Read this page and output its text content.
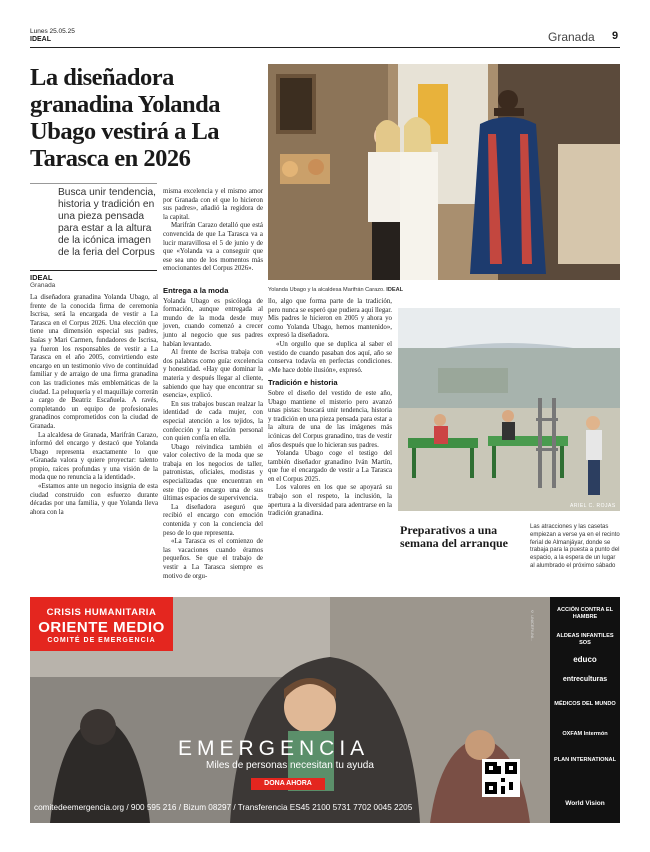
Lunes 25.05.25
IDEAL	Granada 9
La diseñadora granadina Yolanda Ubago vestirá a La Tarasca en 2026
Busca unir tendencia, historia y tradición en una pieza pensada para estar a la altura de la icónica imagen de la feria del Corpus
IDEAL
Granada

La diseñadora granadina Yolanda Ubago, al frente de la conocida firma de ceremonia Iscrisa, será la encargada de vestir a La Tarasca en el Corpus 2026. Una elección que tiene una dimensión especial sus padres, Isaías y Mari Carmen, fundadores de Iscrisa, ya fueron los responsables de vestir a La Tarasca en el año 2005, convirtiendo este encargo en un testimonio vivo de continuidad familiar y de arraigo de una firma granadina con las tradiciones más emblemáticas de la ciudad. La peluquería y el maquillaje correrán a cargo de Beatriz Escañuela. A ​​ravés, completando un equipo de profesionales granadinos comprometidos con la ciudad de Granada.

La alcaldesa de Granada, Marifrán Carazo, informó del encargo y destacó que Yolanda Ubago representa exactamente lo que «Granada valora y quiere proyectar: talento propio, raíces profundas y una visión de la moda que no renuncia a la identidad».

«Estamos ante un negocio insignia de esta ciudad construido con esfuerzo durante décadas por una familia, y que Yolanda lleva ahora con la

misma excelencia y el mismo amor por Granada con el que lo hicieron sus padres», añadió la regidora de la capital.

Marifrán Carazo detalló que está convencida de que La Tarasca va a lucir maravillosa el 5 de junio y de que «Yolanda va a conseguir que ese sea uno de los momentos más emocionantes del Corpus 2026».

Entrega a la moda

Yolanda Ubago es psicóloga de formación, aunque entregada al mundo de la moda desde muy joven, cuando comenzó a crecer junto al negocio que sus padres habían levantado.

Al frente de Iscrisa trabaja con dos palabras como guía: excelencia y honestidad. «Hay que dominar la materia y después llegar al cliente, sabiendo que hay que encontrar su esencia», explicó.

En sus trabajos buscan realzar la identidad de cada mujer, con especial atención a los tejidos, la confección y la relación personal con quien confía en ella.

Ubago reivindica también el valor colectivo de la moda que se trabaja en los negocios de taller, patronistas, oficiales, modistas y especializadas que encuentran en este tipo de encargo una de sus últimas espacios de supervivencia.

La diseñadora aseguró que recibió el encargo con emoción contenida y con la conciencia del peso de lo que representa.

«La Tarasca es el comienzo de las vacaciones cuando éramos pequeños. Se que el trabajo de vestir a La Tarasca siempre es motivo de orgu-

llo, algo que forma parte de la tradición, pero nunca se esperó que pudiera aquí llegar. Mis padres le hicieron en 2005 y ahora yo como Yolanda Ubago, hemos mantenido», expresó la diseñadora.

«Un orgullo que se duplica al saber el vestido de cuando pasaban dos aquí, año se conserva todavía en perfectas condiciones. «Me hace doble ilusión», expresó.

Tradición e historia

Sobre el diseño del vestido de este año, Ubago mantiene el misterio pero avanzó unas pistas: buscará unir tendencia, historia y tradición en una pieza pensada para estar a la altura de una de las imágenes más icónicas del Corpus granadino, tras de vestir años después que lo hicieran sus padres.

Yolanda Ubago coge el testigo del también diseñador granadino Iván Martín, que fue el encargado de vestir a La Tarasca en el Corpus 2025.

Los valores en los que se apoyará su trabajo son el respeto, la inclusión, la apertura a la diversidad para adentrarse en la tradición granadina.

Yolanda Ubago y la alcaldesa Marifrán Carazo. IDEAL
ARIEL C. ROJAS
Preparativos a una semana del arranque
Las atracciones y las casetas empiezan a verse ya en el recinto ferial de Almanjáyar, donde se trabaja para la puesta a punto del espacio, a la espera de un lugar al alumbrado el próximo sábado
CRISIS HUMANITARIA
ORIENTE MEDIO
COMITÉ DE EMERGENCIA	© UNICEF/UNI...
EMERGENCIA
Miles de personas necesitan tu ayuda
DONA AHORA
comitedeemergencia.org / 900 595 216 / Bizum 08297 / Transferencia ES45 2100 5731 7702 0045 2205
ACCIÓN CONTRA EL HAMBRE
ALDEAS INFANTILES SOS
educo
entreculturas
MÉDICOS DEL MUNDO
OXFAM Intermón
PLAN INTERNATIONAL
World Vision
